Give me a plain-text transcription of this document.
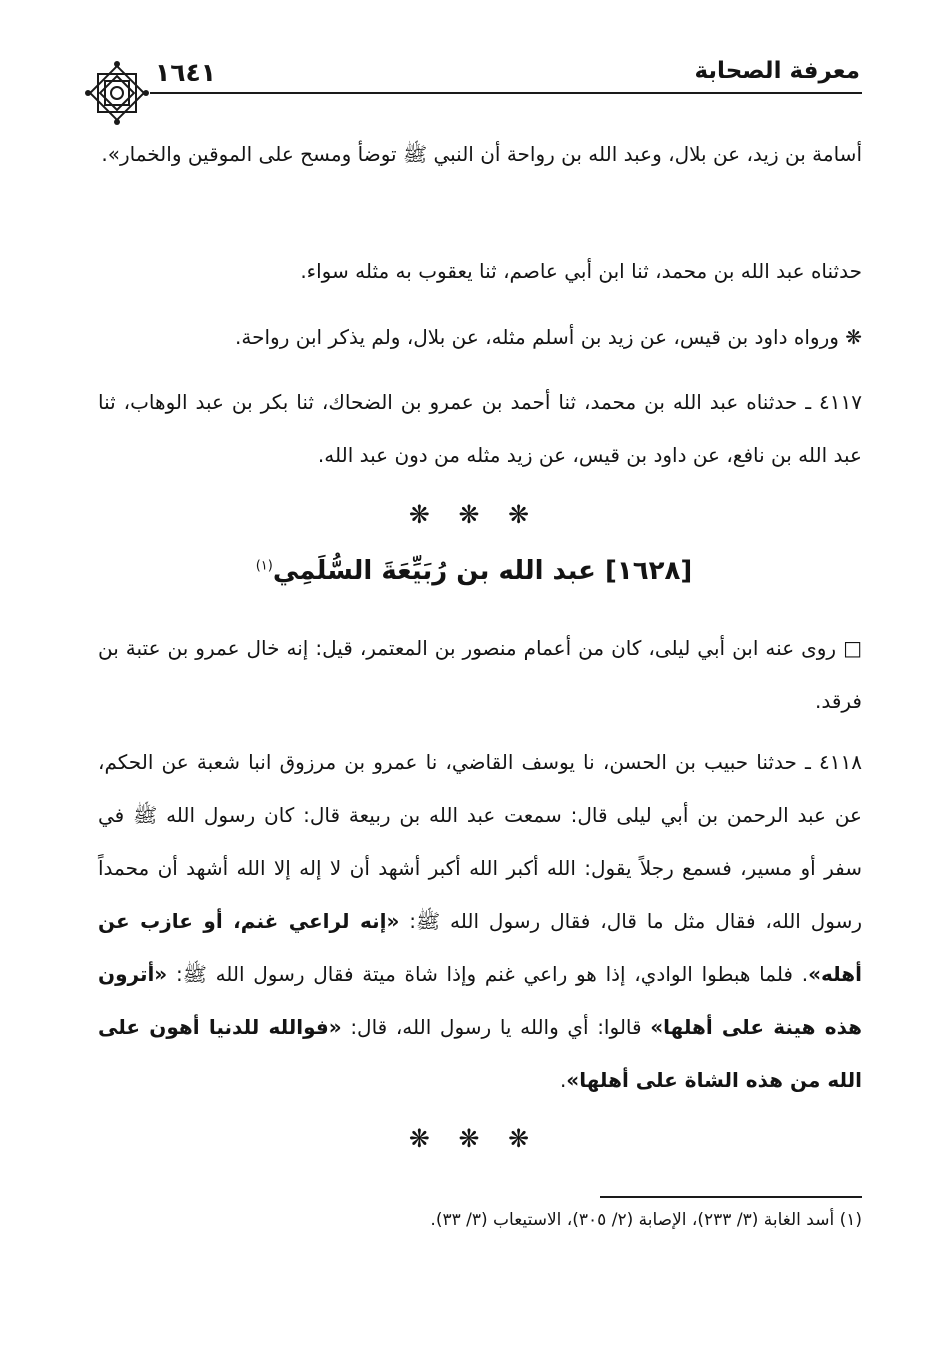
معرفة الصحابة
١٦٤١
أسامة بن زيد، عن بلال، وعبد الله بن رواحة أن النبي ﷺ توضأ ومسح على الموقين والخمار».
حدثناه عبد الله بن محمد، ثنا ابن أبي عاصم، ثنا يعقوب به مثله سواء.
❋ ورواه داود بن قيس، عن زيد بن أسلم مثله، عن بلال، ولم يذكر ابن رواحة.
٤١١٧ ـ حدثناه عبد الله بن محمد، ثنا أحمد بن عمرو بن الضحاك، ثنا بكر بن عبد الوهاب، ثنا عبد الله بن نافع، عن داود بن قيس، عن زيد مثله من دون عبد الله.
❋ ❋ ❋
[١٦٢٨] عبد الله بن رُبَيِّعَةَ السُّلَمِي$^{(١)}$
□ روى عنه ابن أبي ليلى، كان من أعمام منصور بن المعتمر، قيل: إنه خال عمرو بن عتبة بن فرقد.
٤١١٨ ـ حدثنا حبيب بن الحسن، نا يوسف القاضي، نا عمرو بن مرزوق انبا شعبة عن الحكم، عن عبد الرحمن بن أبي ليلى قال: سمعت عبد الله بن ربيعة قال: كان رسول الله ﷺ في سفر أو مسير، فسمع رجلاً يقول: الله أكبر الله أكبر أشهد أن لا إله إلا الله أشهد أن محمداً رسول الله، فقال مثل ما قال، فقال رسول الله ﷺ: «إنه لراعي غنم، أو عازب عن أهله». فلما هبطوا الوادي، إذا هو راعي غنم وإذا شاة ميتة فقال رسول الله ﷺ: «أترون هذه هينة على أهلها» قالوا: أي والله يا رسول الله، قال: «فوالله للدنيا أهون على الله من هذه الشاة على أهلها».
❋ ❋ ❋
(١) أسد الغابة (٣/ ٢٣٣)، الإصابة (٢/ ٣٠٥)، الاستيعاب (٣/ ٣٣).
